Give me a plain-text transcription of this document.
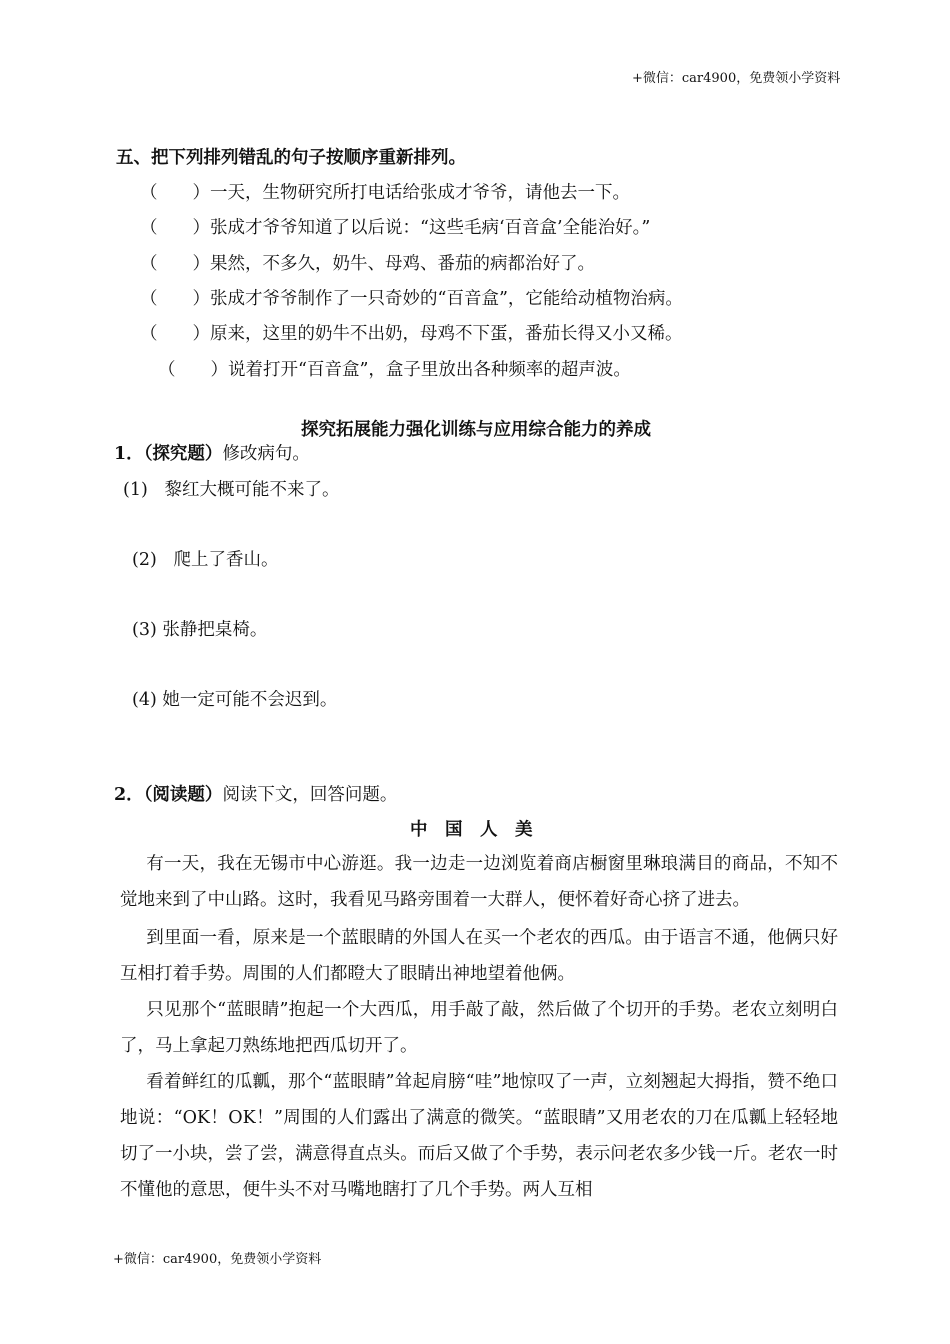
+微信：car4900，免费领小学资料
五、把下列排列错乱的句子按顺序重新排列。
（　　）一天，生物研究所打电话给张成才爷爷，请他去一下。
（　　）张成才爷爷知道了以后说：“这些毛病‘百音盒’全能治好。”
（　　）果然，不多久，奶牛、母鸡、番茄的病都治好了。
（　　）张成才爷爷制作了一只奇妙的“百音盒”，它能给动植物治病。
（　　）原来，这里的奶牛不出奶，母鸡不下蛋，番茄长得又小又稀。
（　　）说着打开“百音盒”，盒子里放出各种频率的超声波。
探究拓展能力强化训练与应用综合能力的养成
1．（探究题）修改病句。
(1) 黎红大概可能不来了。
(2) 爬上了香山。
(3) 张静把桌椅。
(4) 她一定可能不会迟到。
2．（阅读题）阅读下文，回答问题。
中　国　人　美
有一天，我在无锡市中心游逛。我一边走一边浏览着商店橱窗里琳琅满目的商品，不知不觉地来到了中山路。这时，我看见马路旁围着一大群人，便怀着好奇心挤了进去。
到里面一看，原来是一个蓝眼睛的外国人在买一个老农的西瓜。由于语言不通，他俩只好互相打着手势。周围的人们都瞪大了眼睛出神地望着他俩。
只见那个“蓝眼睛”抱起一个大西瓜，用手敲了敲，然后做了个切开的手势。老农立刻明白了，马上拿起刀熟练地把西瓜切开了。
看着鲜红的瓜瓤，那个“蓝眼睛”耸起肩膀“哇”地惊叹了一声，立刻翘起大拇指，赞不绝口地说：“OK！OK！”周围的人们露出了满意的微笑。“蓝眼睛”又用老农的刀在瓜瓤上轻轻地切了一小块，尝了尝，满意得直点头。而后又做了个手势，表示问老农多少钱一斤。老农一时不懂他的意思，便牛头不对马嘴地瞎打了几个手势。两人互相
+微信：car4900，免费领小学资料
